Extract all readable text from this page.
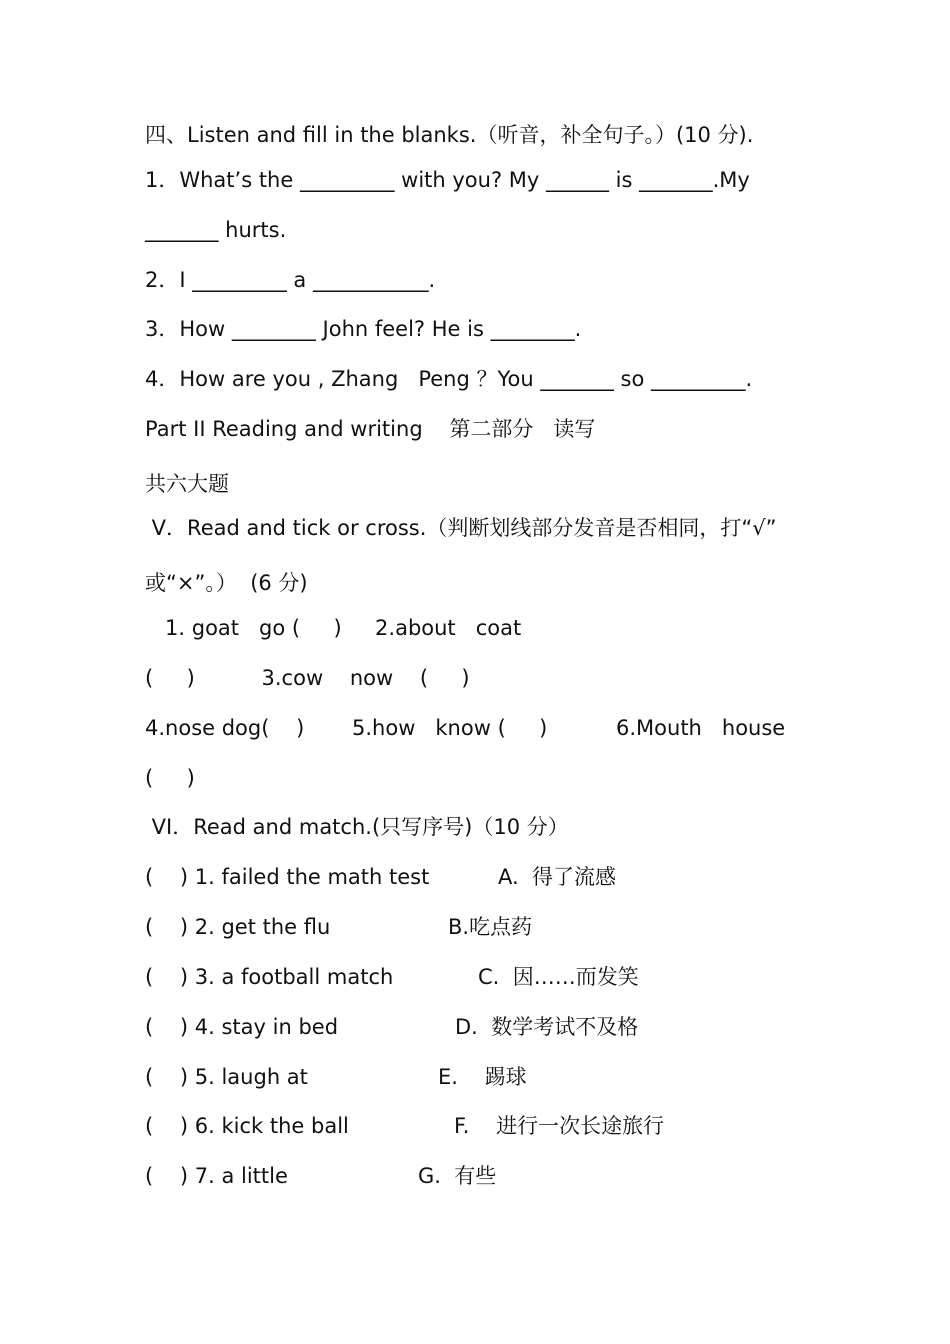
四、Listen and fill in the blanks.（听音，补全句子。）(10 分).
1．What’s the _________ with you? My ______ is _______.My
_______ hurts.
2．I _________ a ___________.
3．How ________ John feel? He is ________.
4．How are you , Zhang   Peng ？You _______ so _________.
Part II Reading and writing    第二部分   读写
共六大题
V．Read and tick or cross.（判断划线部分发音是否相同，打“√”
或“×”。）  (6 分)
1. goat   go (     )     2.about   coat
(     )          3.cow    now    (     )
4.nose dog(    ) 5.how   know (     )	6.Mouth   house
(     )
VI．Read and match.(只写序号)（10 分）
(    ) 1. failed the math test	A.  得了流感
(    ) 2. get the flu	B.吃点药
(    ) 3. a football match	C.  因……而发笑
(    ) 4. stay in bed	D.  数学考试不及格
(    ) 5. laugh at	E.    踢球
(    ) 6. kick the ball	F.    进行一次长途旅行
(    ) 7. a little	G.  有些
